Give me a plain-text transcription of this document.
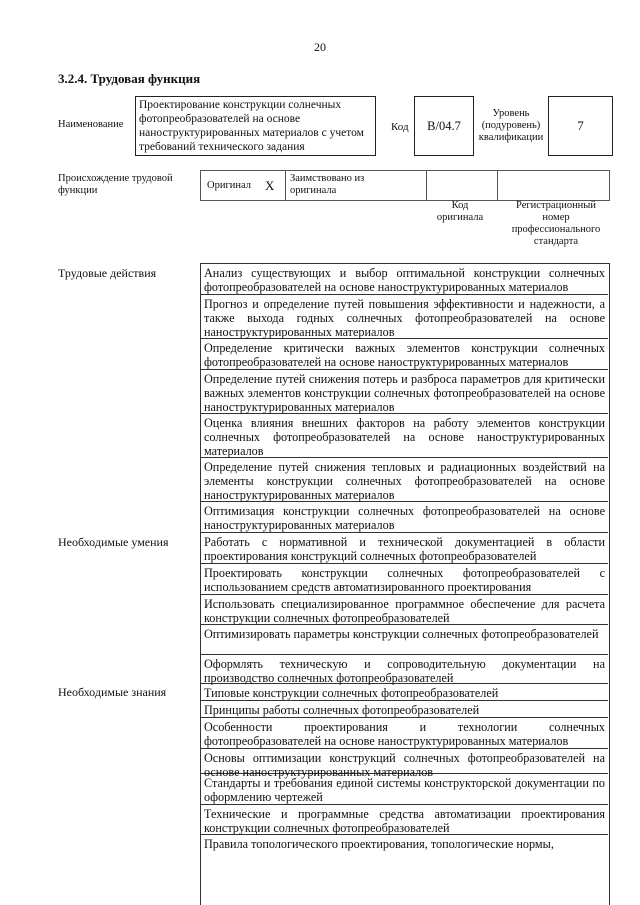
20
3.2.4. Трудовая функция
Наименование
Проектирование конструкции солнечных фотопреобразователей на основе наноструктурированных материалов с учетом требований технического задания
Код	B/04.7
Уровень (подуровень) квалификации
7
Происхождение трудовой функции	Оригинал X Заимствовано из оригинала
Код оригинала
Регистрационный номер профессионального стандарта
Трудовые действия
Необходимые умения
Необходимые знания
Анализ существующих и выбор оптимальной конструкции солнечных фотопреобразователей на основе наноструктурированных материалов
Прогноз и определение путей повышения эффективности и надежности, а также выхода годных солнечных фотопреобразователей на основе наноструктурированных материалов
Определение критически важных элементов конструкции солнечных фотопреобразователей на основе наноструктурированных материалов
Определение путей снижения потерь и разброса параметров для критически важных элементов конструкции солнечных фотопреобразователей на основе наноструктурированных материалов
Оценка влияния внешних факторов на работу элементов конструкции солнечных фотопреобразователей на основе наноструктурированных материалов
Определение путей снижения тепловых и радиационных воздействий на элементы конструкции солнечных фотопреобразователей на основе наноструктурированных материалов
Оптимизация конструкции солнечных фотопреобразователей на основе наноструктурированных материалов
Работать с нормативной и технической документацией в области проектирования конструкций солнечных фотопреобразователей
Проектировать конструкции солнечных фотопреобразователей с использованием средств автоматизированного проектирования
Использовать специализированное программное обеспечение для расчета конструкции солнечных фотопреобразователей
Оптимизировать параметры конструкции солнечных фотопреобразователей
Оформлять техническую и сопроводительную документации на производство солнечных фотопреобразователей
Типовые конструкции солнечных фотопреобразователей
Принципы работы солнечных фотопреобразователей
Особенности проектирования и технологии солнечных фотопреобразователей на основе наноструктурированных материалов
Основы оптимизации конструкций солнечных фотопреобразователей на основе наноструктурированных материалов
Стандарты и требования единой системы конструкторской документации по оформлению чертежей
Технические и программные средства автоматизации проектирования конструкции солнечных фотопреобразователей
Правила топологического проектирования, топологические нормы,
